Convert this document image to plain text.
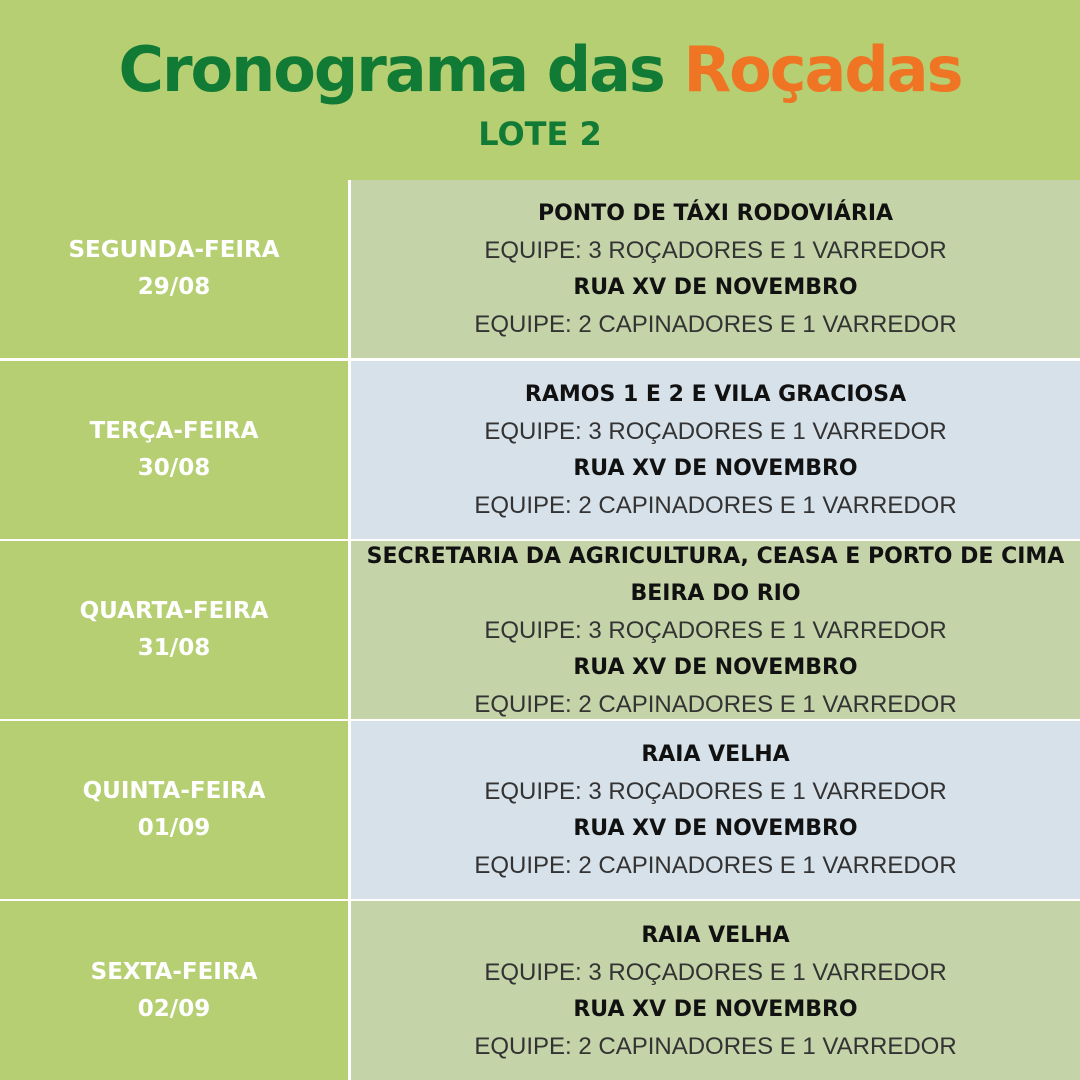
Cronograma das Roçadas
LOTE 2
SEGUNDA-FEIRA
29/08
PONTO DE TÁXI RODOVIÁRIA
EQUIPE: 3 ROÇADORES E 1 VARREDOR
RUA XV DE NOVEMBRO
EQUIPE: 2 CAPINADORES E 1 VARREDOR
TERÇA-FEIRA
30/08
RAMOS 1 E 2 E VILA GRACIOSA
EQUIPE: 3 ROÇADORES E 1 VARREDOR
RUA XV DE NOVEMBRO
EQUIPE: 2 CAPINADORES E 1 VARREDOR
QUARTA-FEIRA
31/08
SECRETARIA DA AGRICULTURA, CEASA E PORTO DE CIMA BEIRA DO RIO
EQUIPE: 3 ROÇADORES E 1 VARREDOR
RUA XV DE NOVEMBRO
EQUIPE: 2 CAPINADORES E 1 VARREDOR
QUINTA-FEIRA
01/09
RAIA VELHA
EQUIPE: 3 ROÇADORES E 1 VARREDOR
RUA XV DE NOVEMBRO
EQUIPE: 2 CAPINADORES E 1 VARREDOR
SEXTA-FEIRA
02/09
RAIA VELHA
EQUIPE: 3 ROÇADORES E 1 VARREDOR
RUA XV DE NOVEMBRO
EQUIPE: 2 CAPINADORES E 1 VARREDOR
